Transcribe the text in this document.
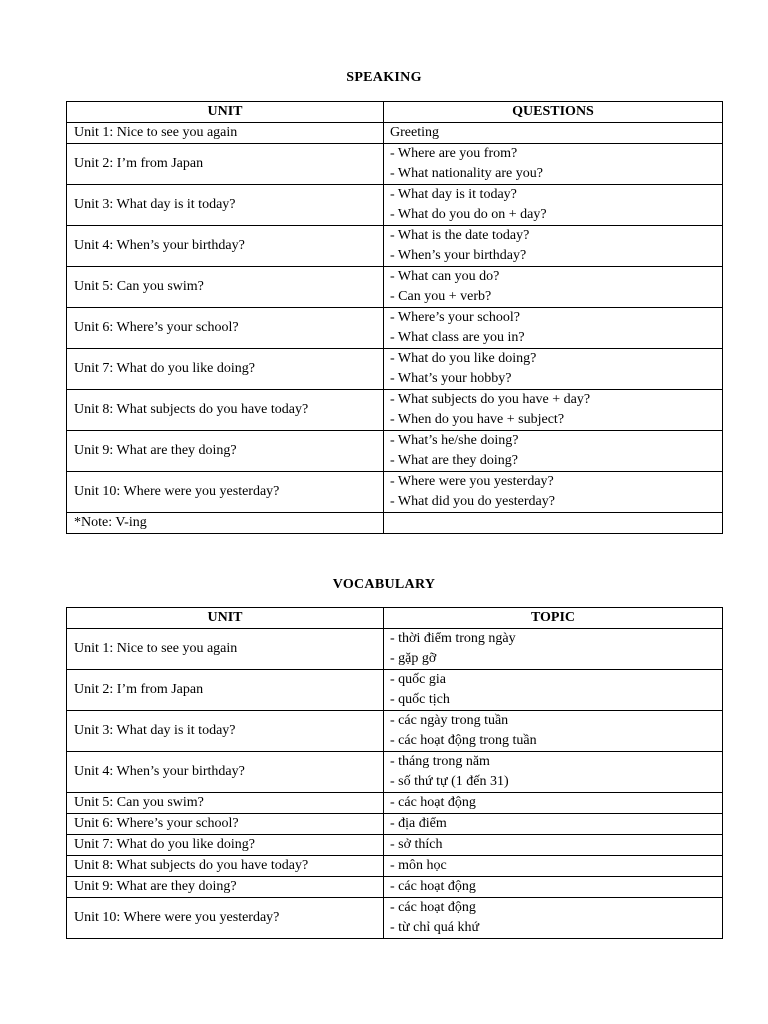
SPEAKING
UNIT	QUESTIONS
Unit 1: Nice to see you again	Greeting

Unit 2: I’m from Japan	- Where are you from?
- What nationality are you?

Unit 3: What day is it today?	- What day is it today?
- What do you do on + day?

Unit 4: When’s your birthday?	- What is the date today?
- When’s your birthday?

Unit 5: Can you swim?	- What can you do?
- Can you + verb?

Unit 6: Where’s your school?	- Where’s your school?
- What class are you in?

Unit 7: What do you like doing?	- What do you like doing?
- What’s your hobby?

Unit 8: What subjects do you have today?	- What subjects do you have + day?
- When do you have + subject?

Unit 9: What are they doing?	- What’s he/she doing?
- What are they doing?

Unit 10: Where were you yesterday?	- Where were you yesterday?
- What did you do yesterday?

*Note: V-ing	
VOCABULARY
UNIT	TOPIC
Unit 1: Nice to see you again	- thời điểm trong ngày
- gặp gỡ

Unit 2: I’m from Japan	- quốc gia
- quốc tịch

Unit 3: What day is it today?	- các ngày trong tuần
- các hoạt động trong tuần

Unit 4: When’s your birthday?	- tháng trong năm
- số thứ tự (1 đến 31)

Unit 5: Can you swim?	- các hoạt động

Unit 6: Where’s your school?	- địa điểm

Unit 7: What do you like doing?	- sở thích

Unit 8: What subjects do you have today?	- môn học

Unit 9: What are they doing?	- các hoạt động

Unit 10: Where were you yesterday?	- các hoạt động
- từ chỉ quá khứ
